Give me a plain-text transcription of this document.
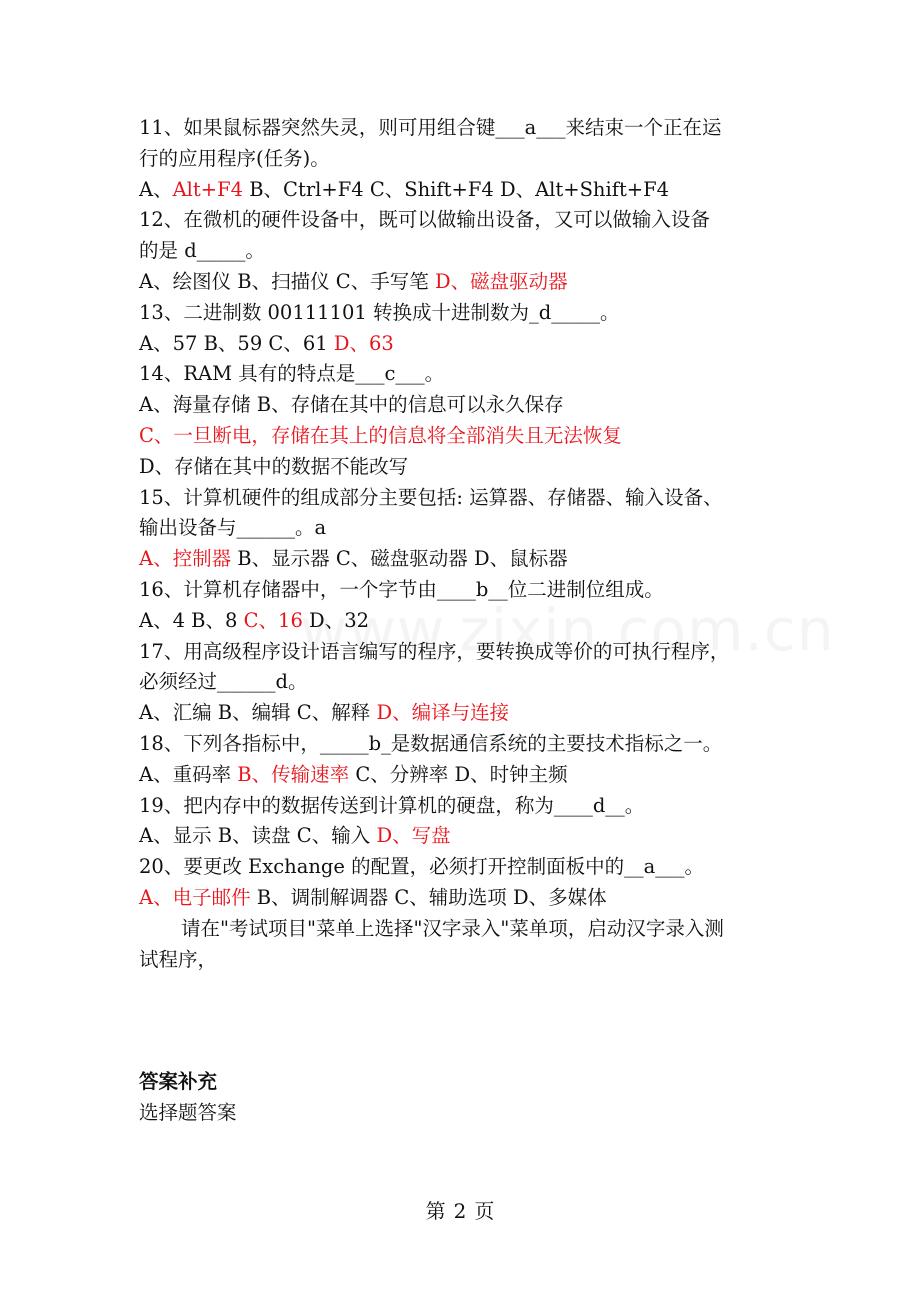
11、如果鼠标器突然失灵，则可用组合键___a___来结束一个正在运
行的应用程序(任务)。
A、Alt+F4 B、Ctrl+F4 C、Shift+F4 D、Alt+Shift+F4
12、在微机的硬件设备中，既可以做输出设备，又可以做输入设备
的是 d_____。
A、绘图仪 B、扫描仪 C、手写笔 D、磁盘驱动器
13、二进制数 00111101 转换成十进制数为_d_____。
A、57 B、59 C、61 D、63
14、RAM 具有的特点是___c___。
A、海量存储 B、存储在其中的信息可以永久保存
C、一旦断电，存储在其上的信息将全部消失且无法恢复
D、存储在其中的数据不能改写
15、计算机硬件的组成部分主要包括: 运算器、存储器、输入设备、
输出设备与______。a
A、控制器 B、显示器 C、磁盘驱动器 D、鼠标器
16、计算机存储器中，一个字节由____b__位二进制位组成。
A、4 B、8 C、16 D、32
17、用高级程序设计语言编写的程序，要转换成等价的可执行程序，
必须经过______d。
A、汇编 B、编辑 C、解释 D、编译与连接
18、下列各指标中，_____b_是数据通信系统的主要技术指标之一。
A、重码率 B、传输速率 C、分辨率 D、时钟主频
19、把内存中的数据传送到计算机的硬盘，称为____d__。
A、显示 B、读盘 C、输入 D、写盘
20、要更改 Exchange 的配置，必须打开控制面板中的__a___。
A、电子邮件 B、调制解调器 C、辅助选项 D、多媒体
请在"考试项目"菜单上选择"汉字录入"菜单项，启动汉字录入测
试程序，
答案补充
选择题答案
第 2 页
